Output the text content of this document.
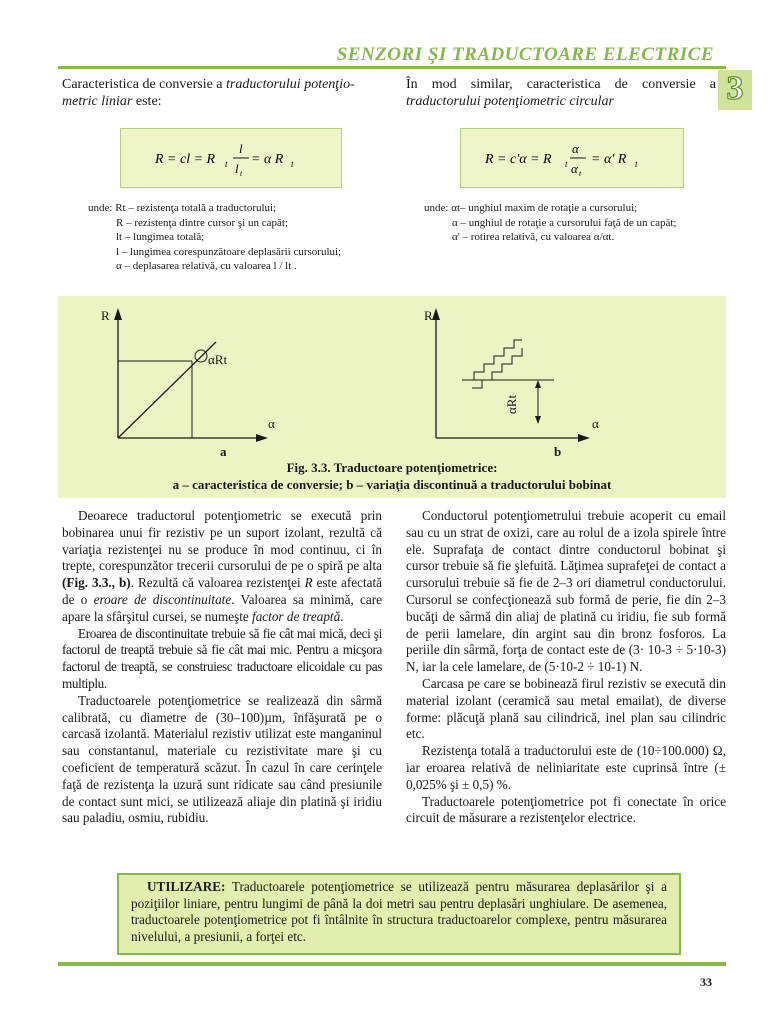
SENZORI ŞI TRADUCTOARE ELECTRICE
3
Caracteristica de conversie a traductorului potenţio-metric liniar este:
În mod similar, caracteristica de conversie a traductorului potenţiometric circular
R = cl = R t
l
l t
= α R t	R = c'α = R t
α
α t
= α' R t
unde: Rt – rezistenţa totală a traductorului;
R – rezistenţa dintre cursor şi un capăt;
lt – lungimea totală;
l – lungimea corespunzătoare deplasării cursorului;
α – deplasarea relativă, cu valoarea l / lt .
unde: αt– unghiul maxim de rotaţie a cursorului;
α – unghiul de rotaţie a cursorului faţă de un capăt;
α' – rotirea relativă, cu valoarea α/αt.
R
αRt
α
a
R
αRt
α
b
Fig. 3.3. Traductoare potenţiometrice:
a – caracteristica de conversie; b – variaţia discontinuă a traductorului bobinat

Deoarece traductorul potenţiometric se execută prin bobinarea unui fir rezistiv pe un suport izolant, rezultă că variaţia rezistenţei nu se produce în mod continuu, ci în trepte, corespunzător trecerii cursorului de pe o spiră pe alta (Fig. 3.3., b). Rezultă că valoarea rezistenţei R este afectată de o eroare de discontinuitate. Valoarea sa minimă, care apare la sfârşitul cursei, se numeşte factor de treaptă.

Eroarea de discontinuitate trebuie să fie cât mai mică, deci şi factorul de treaptă trebuie să fie cât mai mic. Pentru a micşora factorul de treaptă, se construiesc traductoare elicoidale cu pas multiplu.

Traductoarele potenţiometrice se realizează din sârmă calibrată, cu diametre de (30–100)µm, înfăşurată pe o carcasă izolantă. Materialul rezistiv utilizat este manganinul sau constantanul, materiale cu rezistivitate mare şi cu coeficient de temperatură scăzut. În cazul în care cerinţele faţă de rezistenţa la uzură sunt ridicate sau când presiunile de contact sunt mici, se utilizează aliaje din platină şi iridiu sau paladiu, osmiu, rubidiu.

Conductorul potenţiometrului trebuie acoperit cu email sau cu un strat de oxizi, care au rolul de a izola spirele între ele. Suprafaţa de contact dintre conductorul bobinat şi cursor trebuie să fie şlefuită. Lăţimea suprafeţei de contact a cursorului trebuie să fie de 2–3 ori diametrul conductorului. Cursorul se confecţionează sub formă de perie, fie din 2–3 bucăţi de sârmă din aliaj de platină cu iridiu, fie sub formă de perii lamelare, din argint sau din bronz fosforos. La periile din sârmă, forţa de contact este de (3· 10-3 ÷ 5·10-3) N, iar la cele lamelare, de (5·10-2 ÷ 10-1) N.

Carcasa pe care se bobinează firul rezistiv se execută din material izolant (ceramică sau metal emailat), de diverse forme: plăcuţă plană sau cilindrică, inel plan sau cilindric etc.

Rezistenţa totală a traductorului este de (10÷100.000) Ω, iar eroarea relativă de neliniaritate este cuprinsă între (± 0,025% şi ± 0,5) %.

Traductoarele potenţiometrice pot fi conectate în orice circuit de măsurare a rezistenţelor electrice.

UTILIZARE: Traductoarele potenţiometrice se utilizează pentru măsurarea deplasărilor şi a poziţiilor liniare, pentru lungimi de până la doi metri sau pentru deplasări unghiulare. De asemenea, traductoarele potenţiometrice pot fi întâlnite în structura traductoarelor complexe, pentru măsurarea nivelului, a presiunii, a forţei etc.
33
